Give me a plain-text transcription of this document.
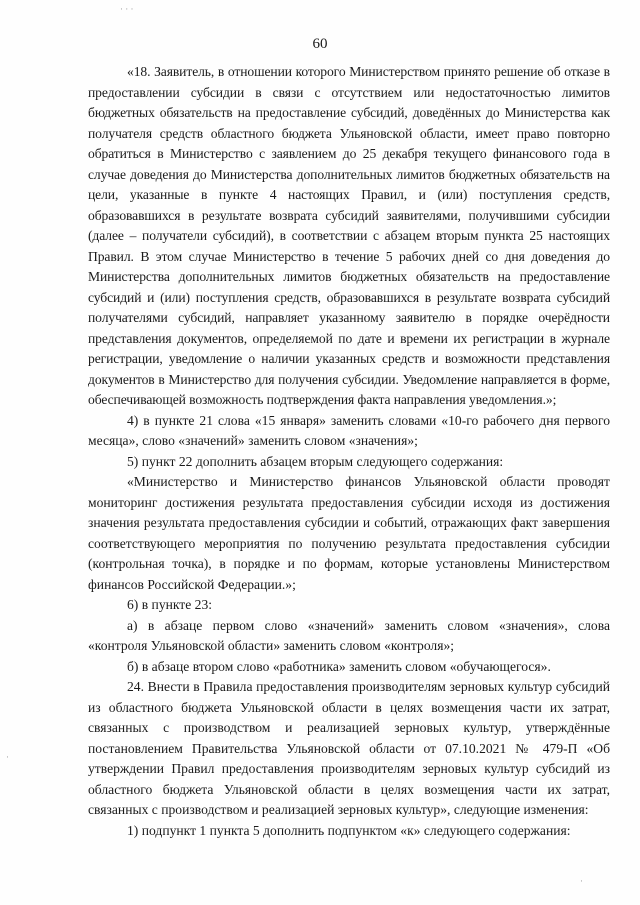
60

«18. Заявитель, в отношении которого Министерством принято решение об отказе в предоставлении субсидии в связи с отсутствием или недостаточностью лимитов бюджетных обязательств на предоставление субсидий, доведённых до Министерства как получателя средств областного бюджета Ульяновской области, имеет право повторно обратиться в Министерство с заявлением до 25 декабря текущего финансового года в случае доведения до Министерства дополнительных лимитов бюджетных обязательств на цели, указанные в пункте 4 настоящих Правил, и (или) поступления средств, образовавшихся в результате возврата субсидий заявителями, получившими субсидии (далее – получатели субсидий), в соответствии с абзацем вторым пункта 25 настоящих Правил. В этом случае Министерство в течение 5 рабочих дней со дня доведения до Министерства дополнительных лимитов бюджетных обязательств на предоставление субсидий и (или) поступления средств, образовавшихся в результате возврата субсидий получателями субсидий, направляет указанному заявителю в порядке очерёдности представления документов, определяемой по дате и времени их регистрации в журнале регистрации, уведомление о наличии указанных средств и возможности представления документов в Министерство для получения субсидии. Уведомление направляется в форме, обеспечивающей возможность подтверждения факта направления уведомления.»;

4) в пункте 21 слова «15 января» заменить словами «10-го рабочего дня первого месяца», слово «значений» заменить словом «значения»;

5) пункт 22 дополнить абзацем вторым следующего содержания:

«Министерство и Министерство финансов Ульяновской области проводят мониторинг достижения результата предоставления субсидии исходя из достижения значения результата предоставления субсидии и событий, отражающих факт завершения соответствующего мероприятия по получению результата предоставления субсидии (контрольная точка), в порядке и по формам, которые установлены Министерством финансов Российской Федерации.»;

6) в пункте 23:

а) в абзаце первом слово «значений» заменить словом «значения», слова «контроля Ульяновской области» заменить словом «контроля»;

б) в абзаце втором слово «работника» заменить словом «обучающегося».

24. Внести в Правила предоставления производителям зерновых культур субсидий из областного бюджета Ульяновской области в целях возмещения части их затрат, связанных с производством и реализацией зерновых культур, утверждённые постановлением Правительства Ульяновской области от 07.10.2021 № 479-П «Об утверждении Правил предоставления производителям зерновых культур субсидий из областного бюджета Ульяновской области в целях возмещения части их затрат, связанных с производством и реализацией зерновых культур», следующие изменения:

1) подпункт 1 пункта 5 дополнить подпунктом «к» следующего содержания:

· · ·
·
·
